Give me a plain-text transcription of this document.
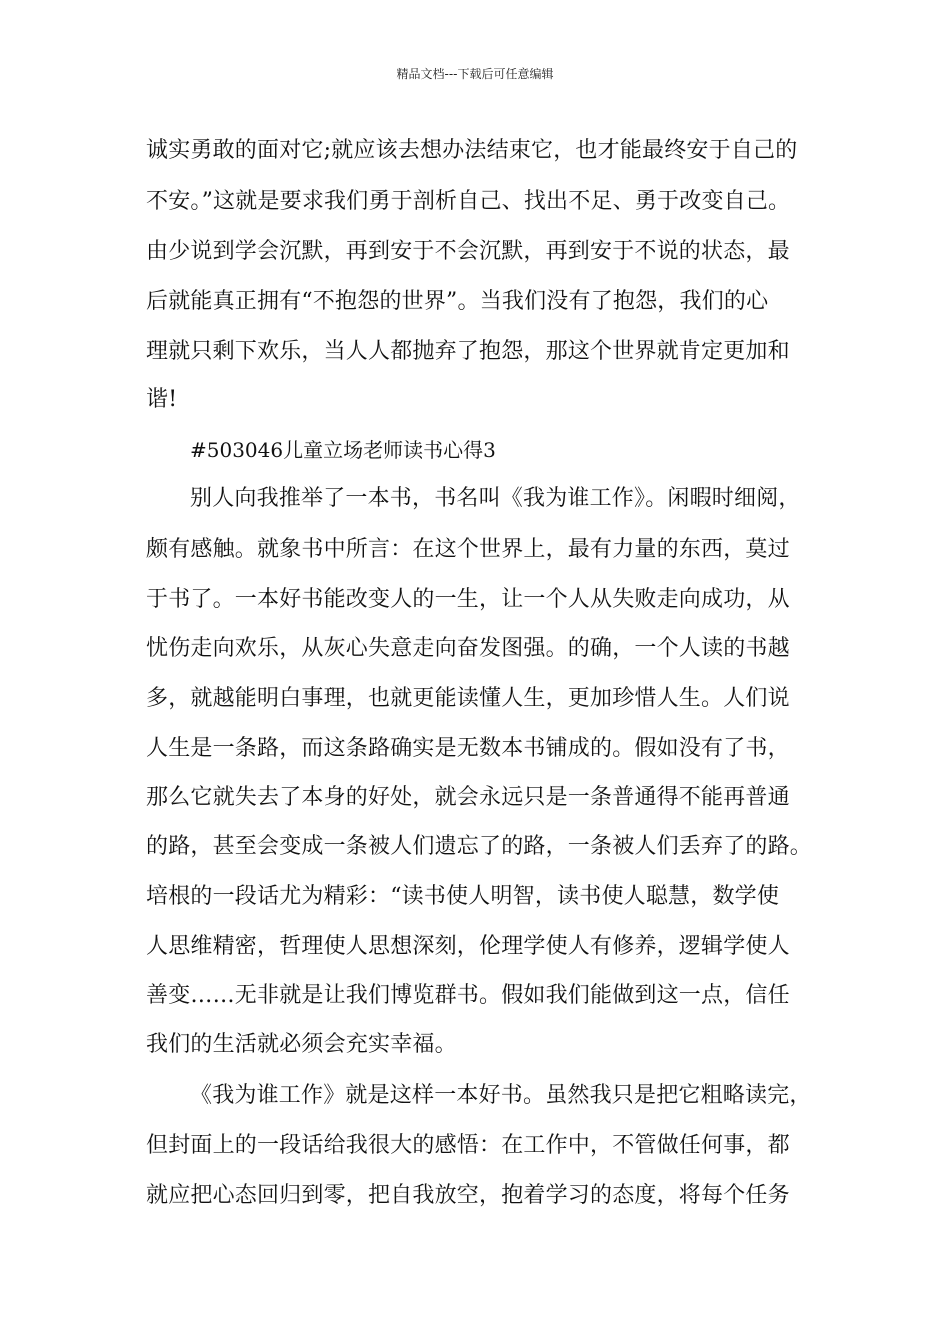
精品文档---下载后可任意编辑
诚实勇敢的面对它;就应该去想办法结束它，也才能最终安于自己的
不安。”这就是要求我们勇于剖析自己、找出不足、勇于改变自己。
由少说到学会沉默，再到安于不会沉默，再到安于不说的状态，最
后就能真正拥有“不抱怨的世界”。当我们没有了抱怨，我们的心
理就只剩下欢乐，当人人都抛弃了抱怨，那这个世界就肯定更加和
谐!
#503046儿童立场老师读书心得3
别人向我推举了一本书，书名叫《我为谁工作》。闲暇时细阅，
颇有感触。就象书中所言：在这个世界上，最有力量的东西，莫过
于书了。一本好书能改变人的一生，让一个人从失败走向成功，从
忧伤走向欢乐，从灰心失意走向奋发图强。的确，一个人读的书越
多，就越能明白事理，也就更能读懂人生，更加珍惜人生。人们说
人生是一条路，而这条路确实是无数本书铺成的。假如没有了书，
那么它就失去了本身的好处，就会永远只是一条普通得不能再普通
的路，甚至会变成一条被人们遗忘了的路，一条被人们丢弃了的路。
培根的一段话尤为精彩：“读书使人明智，读书使人聪慧，数学使
人思维精密，哲理使人思想深刻，伦理学使人有修养，逻辑学使人
善变……无非就是让我们博览群书。假如我们能做到这一点，信任
我们的生活就必须会充实幸福。
《我为谁工作》就是这样一本好书。虽然我只是把它粗略读完，
但封面上的一段话给我很大的感悟：在工作中，不管做任何事，都
就应把心态回归到零，把自我放空，抱着学习的态度，将每个任务
